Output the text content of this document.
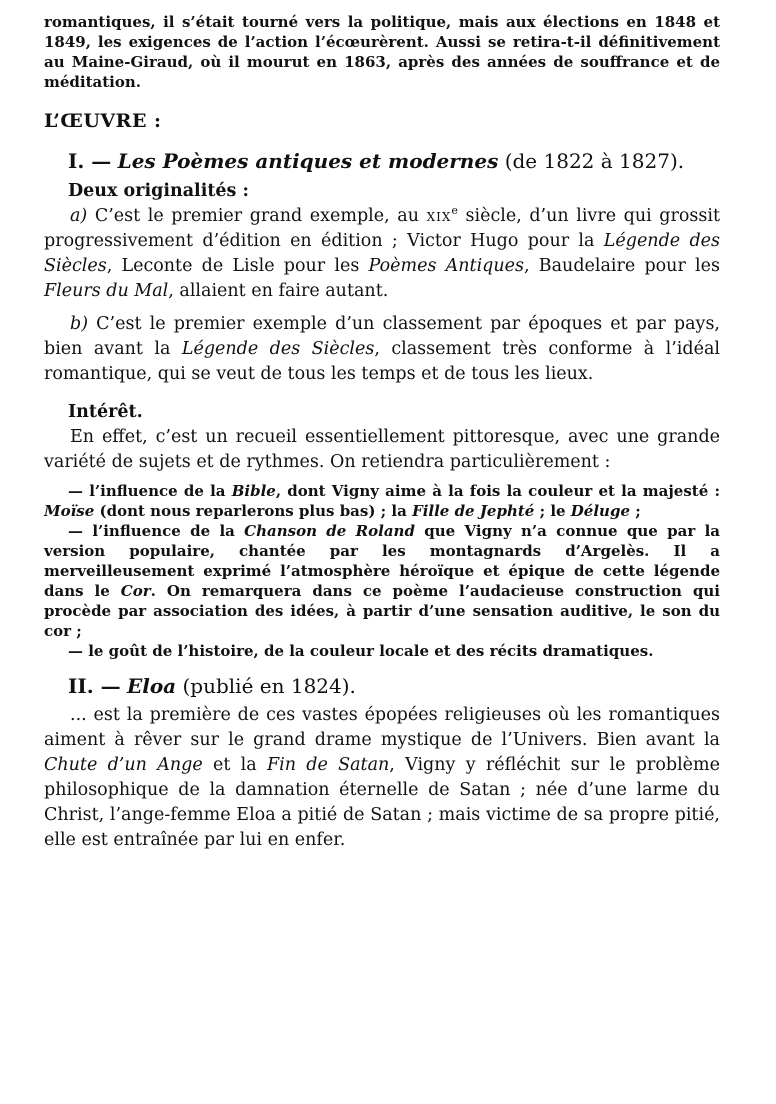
romantiques, il s’était tourné vers la politique, mais aux élections en 1848 et 1849, les exigences de l’action l’écœurèrent. Aussi se retira-t-il définitivement au Maine-Giraud, où il mourut en 1863, après des années de souffrance et de méditation.

L’ŒUVRE :
I. — Les Poèmes antiques et modernes (de 1822 à 1827).
Deux originalités :

a) C’est le premier grand exemple, au xix$^e$ siècle, d’un livre qui grossit progressivement d’édition en édition ; Victor Hugo pour la Légende des Siècles, Leconte de Lisle pour les Poèmes Antiques, Baudelaire pour les Fleurs du Mal, allaient en faire autant.

b) C’est le premier exemple d’un classement par époques et par pays, bien avant la Légende des Siècles, classement très conforme à l’idéal romantique, qui se veut de tous les temps et de tous les lieux.

Intérêt.

En effet, c’est un recueil essentiellement pittoresque, avec une grande variété de sujets et de rythmes. On retiendra particulièrement :

— l’influence de la Bible, dont Vigny aime à la fois la couleur et la majesté : Moïse (dont nous reparlerons plus bas) ; la Fille de Jephté ; le Déluge ;

— l’influence de la Chanson de Roland que Vigny n’a connue que par la version populaire, chantée par les montagnards d’Argelès. Il a merveilleusement exprimé l’atmosphère héroïque et épique de cette légende dans le Cor. On remarquera dans ce poème l’audacieuse construction qui procède par association des idées, à partir d’une sensation auditive, le son du cor ;

— le goût de l’histoire, de la couleur locale et des récits dramatiques.

II. — Eloa (publié en 1824).

... est la première de ces vastes épopées religieuses où les romantiques aiment à rêver sur le grand drame mystique de l’Univers. Bien avant la Chute d’un Ange et la Fin de Satan, Vigny y réfléchit sur le problème philosophique de la damnation éternelle de Satan ; née d’une larme du Christ, l’ange-femme Eloa a pitié de Satan ; mais victime de sa propre pitié, elle est entraînée par lui en enfer.
